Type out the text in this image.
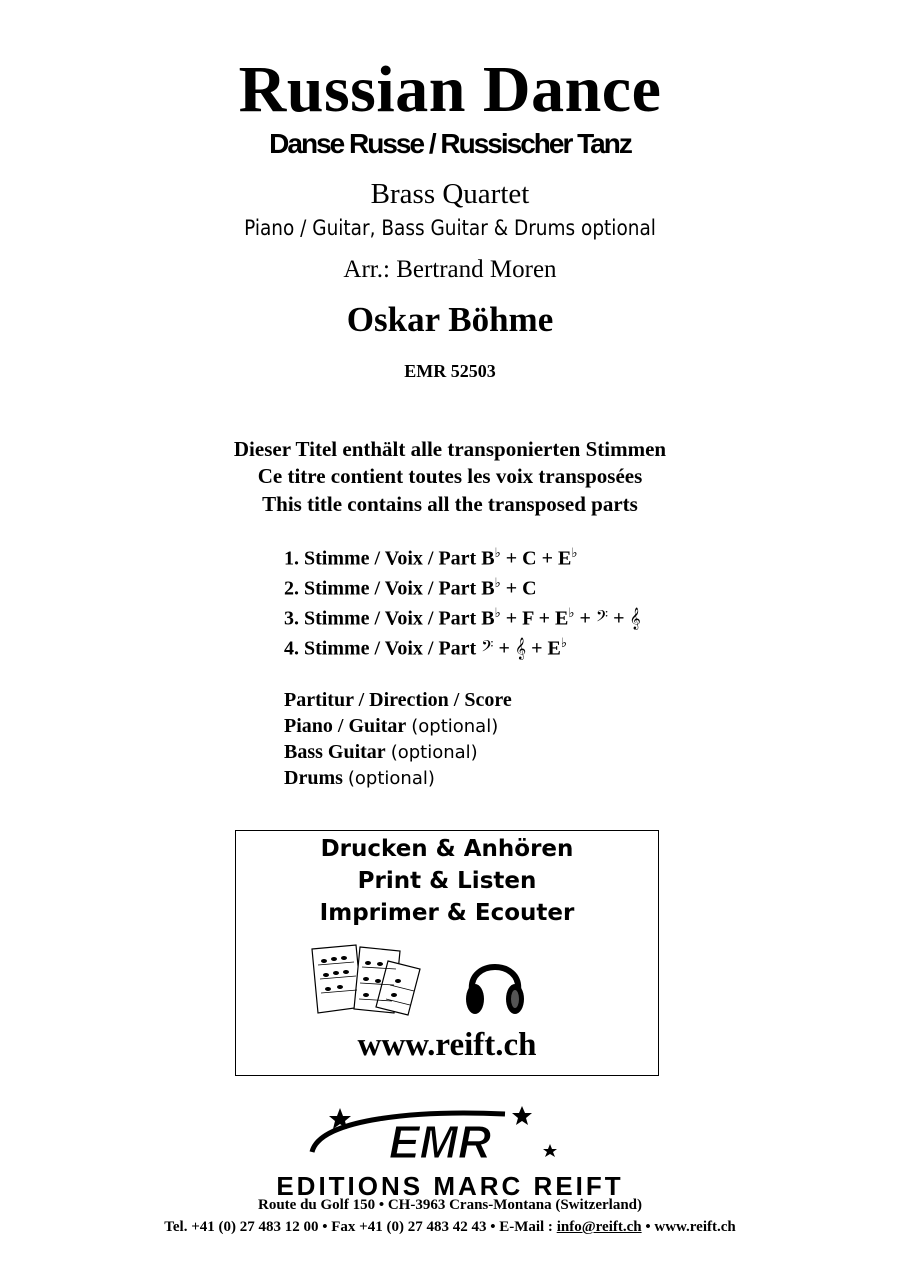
Russian Dance
Danse Russe / Russischer Tanz
Brass Quartet
Piano / Guitar, Bass Guitar & Drums optional
Arr.: Bertrand Moren
Oskar Böhme
EMR 52503
Dieser Titel enthält alle transponierten Stimmen
Ce titre contient toutes les voix transposées
This title contains all the transposed parts
1. Stimme / Voix / Part B♭ + C + E♭
2. Stimme / Voix / Part B♭ + C
3. Stimme / Voix / Part B♭ + F + E♭ + 𝄢 + 𝄞
4. Stimme / Voix / Part 𝄢 + 𝄞 + E♭
Partitur / Direction / Score
Piano / Guitar (optional)
Bass Guitar (optional)
Drums (optional)
Drucken & Anhören
Print & Listen
Imprimer & Ecouter
www.reift.ch
EMR
EDITIONS MARC REIFT
Route du Golf 150 • CH-3963 Crans-Montana (Switzerland)
Tel. +41 (0) 27 483 12 00 • Fax +41 (0) 27 483 42 43 • E-Mail : info@reift.ch • www.reift.ch
